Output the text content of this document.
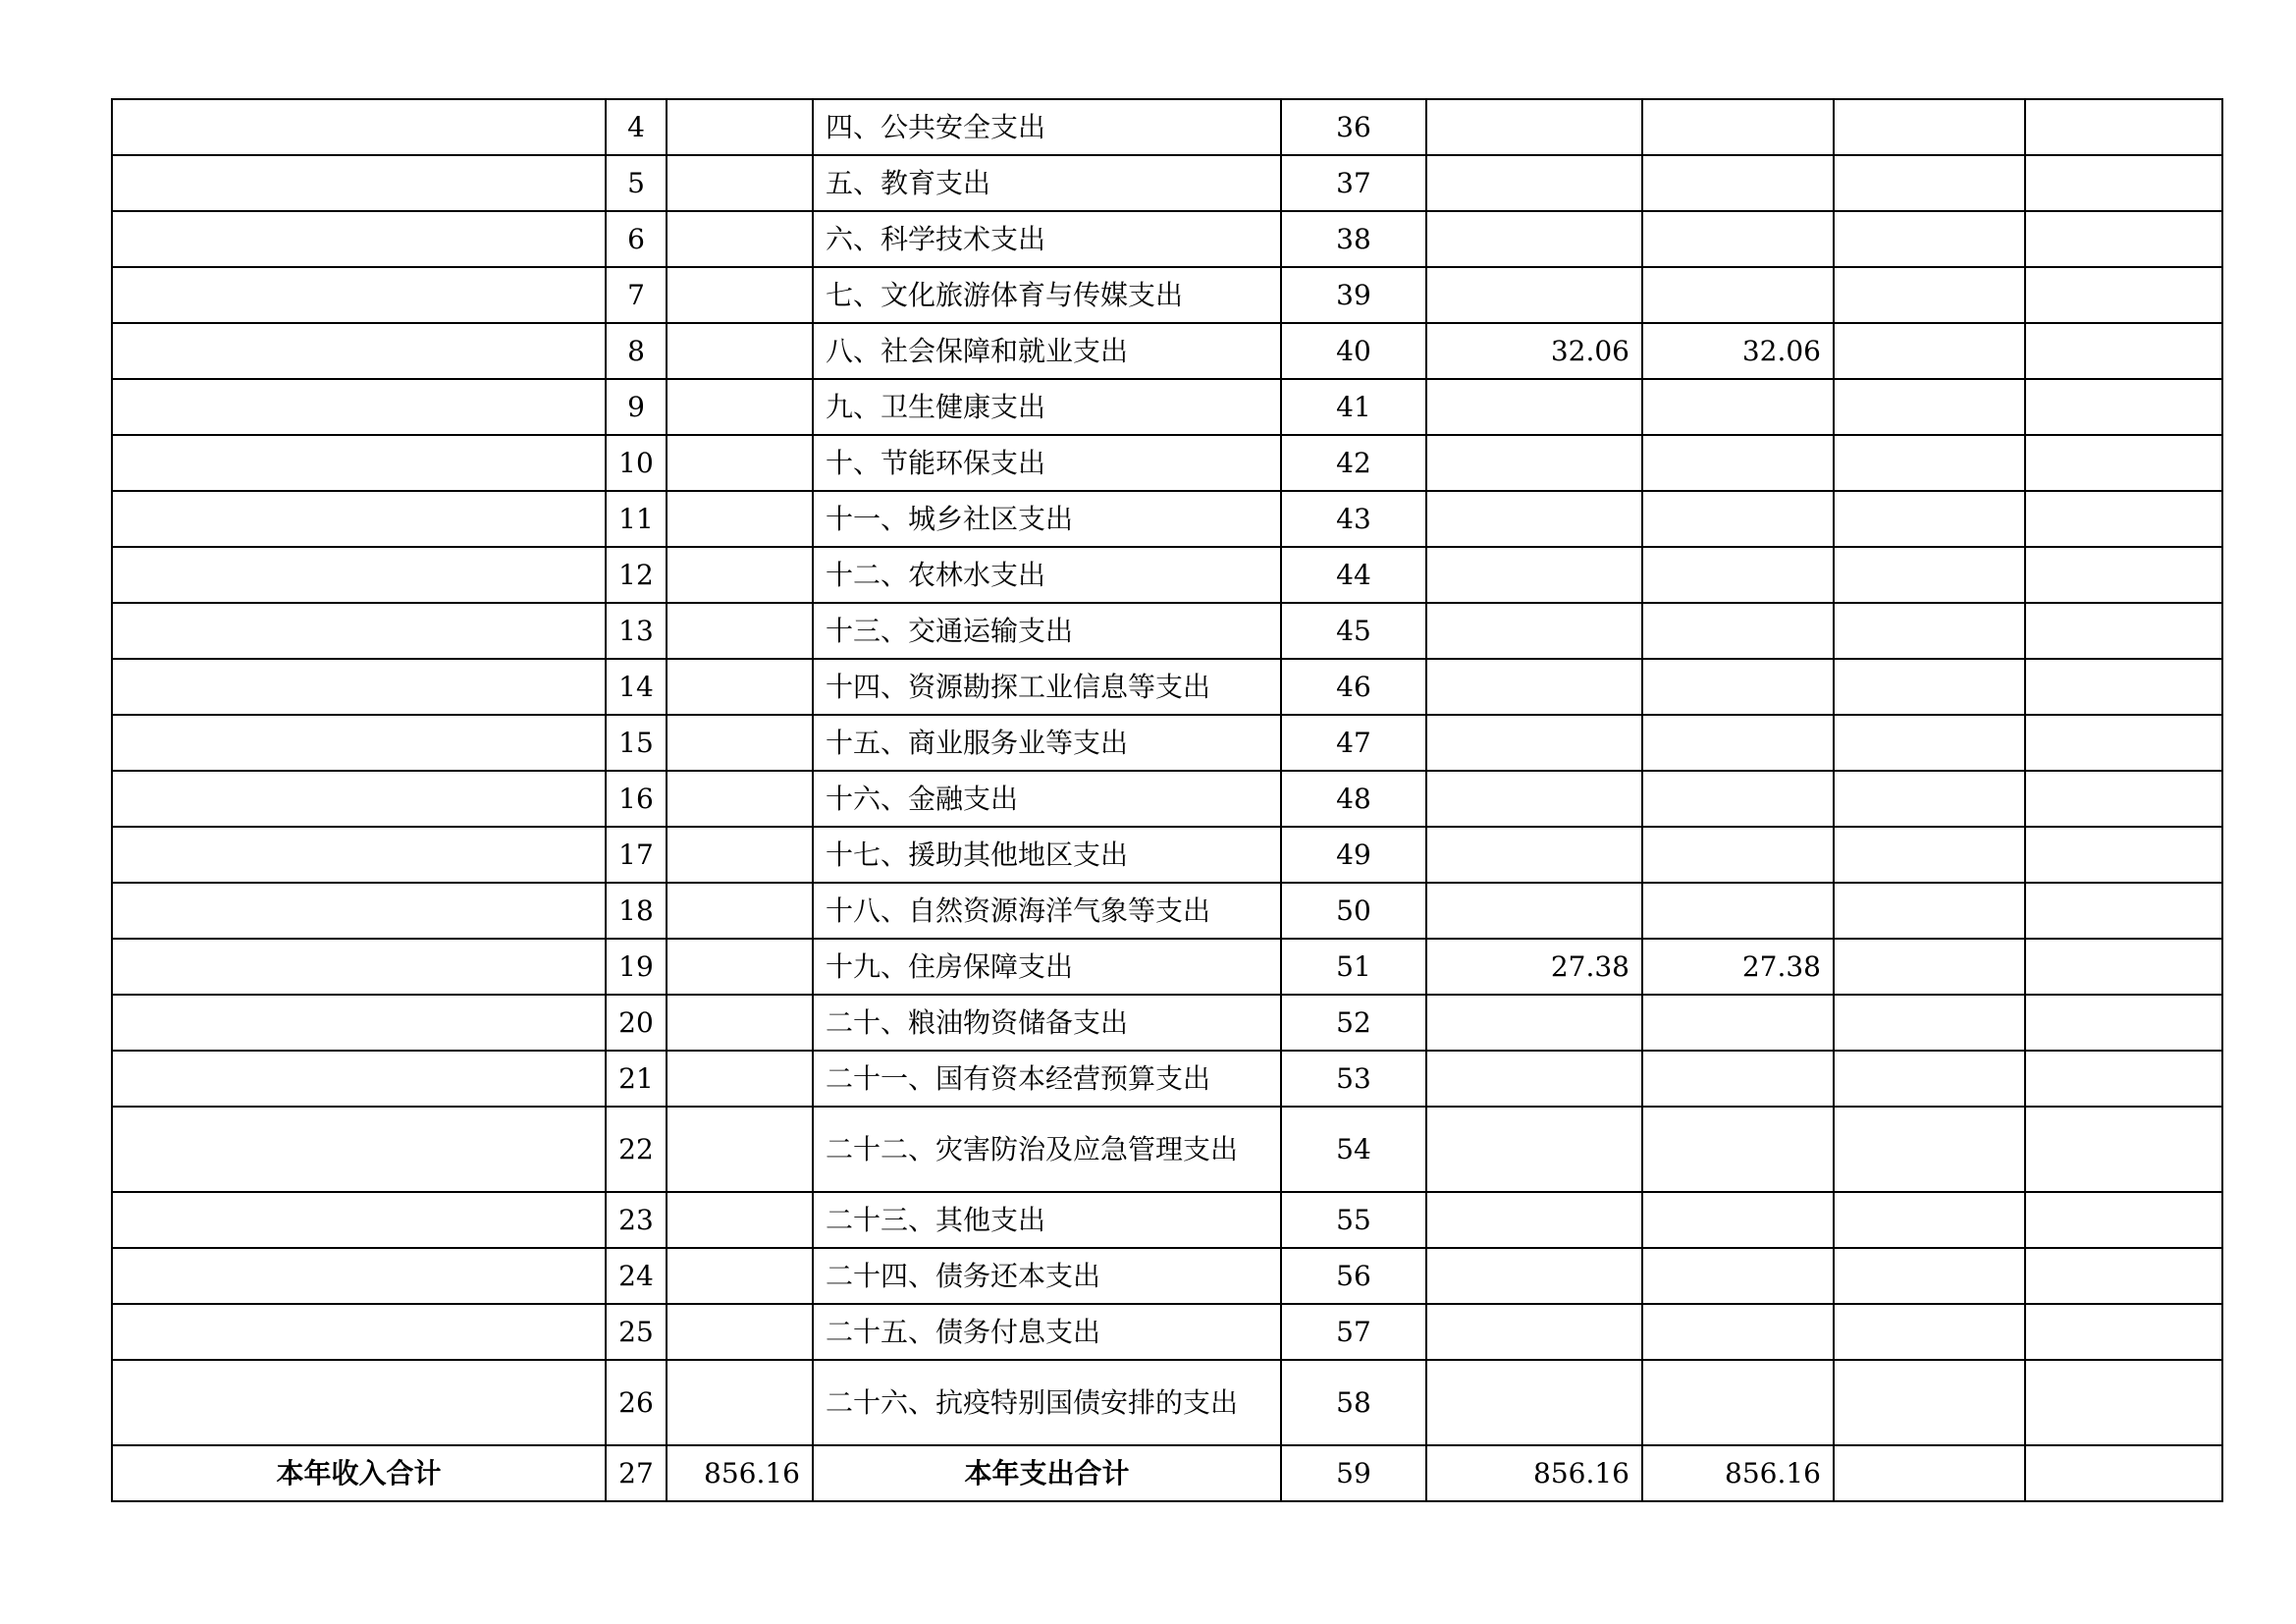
	4		四、公共安全支出	36				
	5		五、教育支出	37				
	6		六、科学技术支出	38				
	7		七、文化旅游体育与传媒支出	39				
	8		八、社会保障和就业支出	40	32.06	32.06		
	9		九、卫生健康支出	41				
	10		十、节能环保支出	42				
	11		十一、城乡社区支出	43				
	12		十二、农林水支出	44				
	13		十三、交通运输支出	45				
	14		十四、资源勘探工业信息等支出	46				
	15		十五、商业服务业等支出	47				
	16		十六、金融支出	48				
	17		十七、援助其他地区支出	49				
	18		十八、自然资源海洋气象等支出	50				
	19		十九、住房保障支出	51	27.38	27.38		
	20		二十、粮油物资储备支出	52				
	21		二十一、国有资本经营预算支出	53				
	22		二十二、灾害防治及应急管理支出	54				
	23		二十三、其他支出	55				
	24		二十四、债务还本支出	56				
	25		二十五、债务付息支出	57				
	26		二十六、抗疫特别国债安排的支出	58				
本年收入合计	27	856.16	本年支出合计	59	856.16	856.16		
